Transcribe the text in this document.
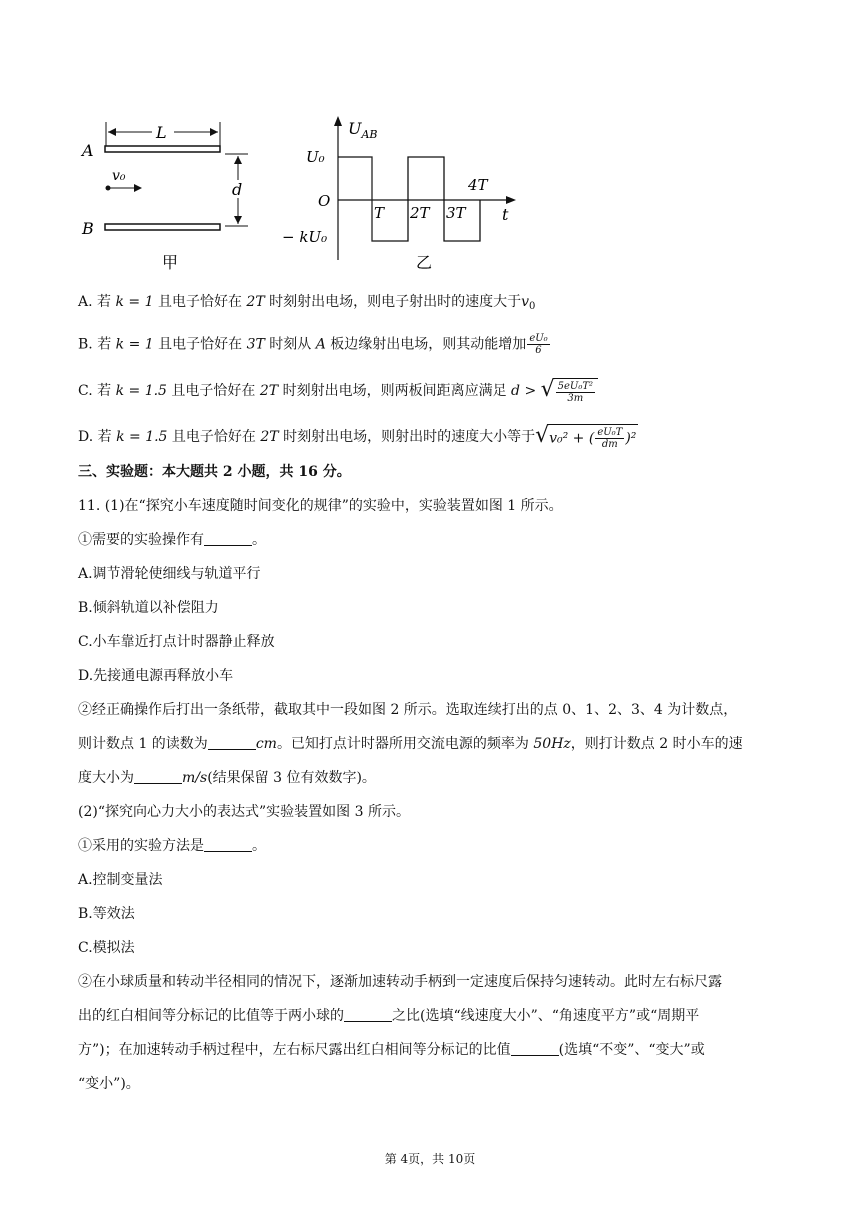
A
L
v₀
d
B
甲
$U_{AB}$
t
U₀
O
− kU₀
T 2T 3T
4T
乙
A. 若 k = 1 且电子恰好在 2T 时刻射出电场，则电子射出时的速度大于$v_0$
B. 若 k = 1 且电子恰好在 3T 时刻从 A 板边缘射出电场，则其动能增加 $\frac{\text{eU₀}}{6}$
C. 若 k = 1.5 且电子恰好在 2T 时刻射出电场，则两板间距离应满足 d > √ $\frac{\text{5eU₀T²}}{3m}$
D. 若 k = 1.5 且电子恰好在 2T 时刻射出电场，则射出时的速度大小等于 √ v₀² + ( $\frac{\text{eU₀T}}{dm} )^2$
三、实验题：本大题共 2 小题，共 16 分。
11. (1)在“探究小车速度随时间变化的规律”的实验中，实验装置如图 1 所示。
①需要的实验操作有	。
A.调节滑轮使细线与轨道平行
B.倾斜轨道以补偿阻力
C.小车靠近打点计时器静止释放
D.先接通电源再释放小车
②经正确操作后打出一条纸带，截取其中一段如图 2 所示。选取连续打出的点 0、1、2、3、4 为计数点，
则计数点 1 的读数为	cm。已知打点计时器所用交流电源的频率为 50Hz，则打计数点 2 时小车的速
度大小为	m/s(结果保留 3 位有效数字)。
(2)“探究向心力大小的表达式”实验装置如图 3 所示。
①采用的实验方法是	。
A.控制变量法
B.等效法
C.模拟法
②在小球质量和转动半径相同的情况下，逐渐加速转动手柄到一定速度后保持匀速转动。此时左右标尺露
出的红白相间等分标记的比值等于两小球的	之比(选填“线速度大小”、“角速度平方”或“周期平
方”)；在加速转动手柄过程中，左右标尺露出红白相间等分标记的比值	(选填“不变”、“变大”或
“变小”)。
第 4页，共 10页
